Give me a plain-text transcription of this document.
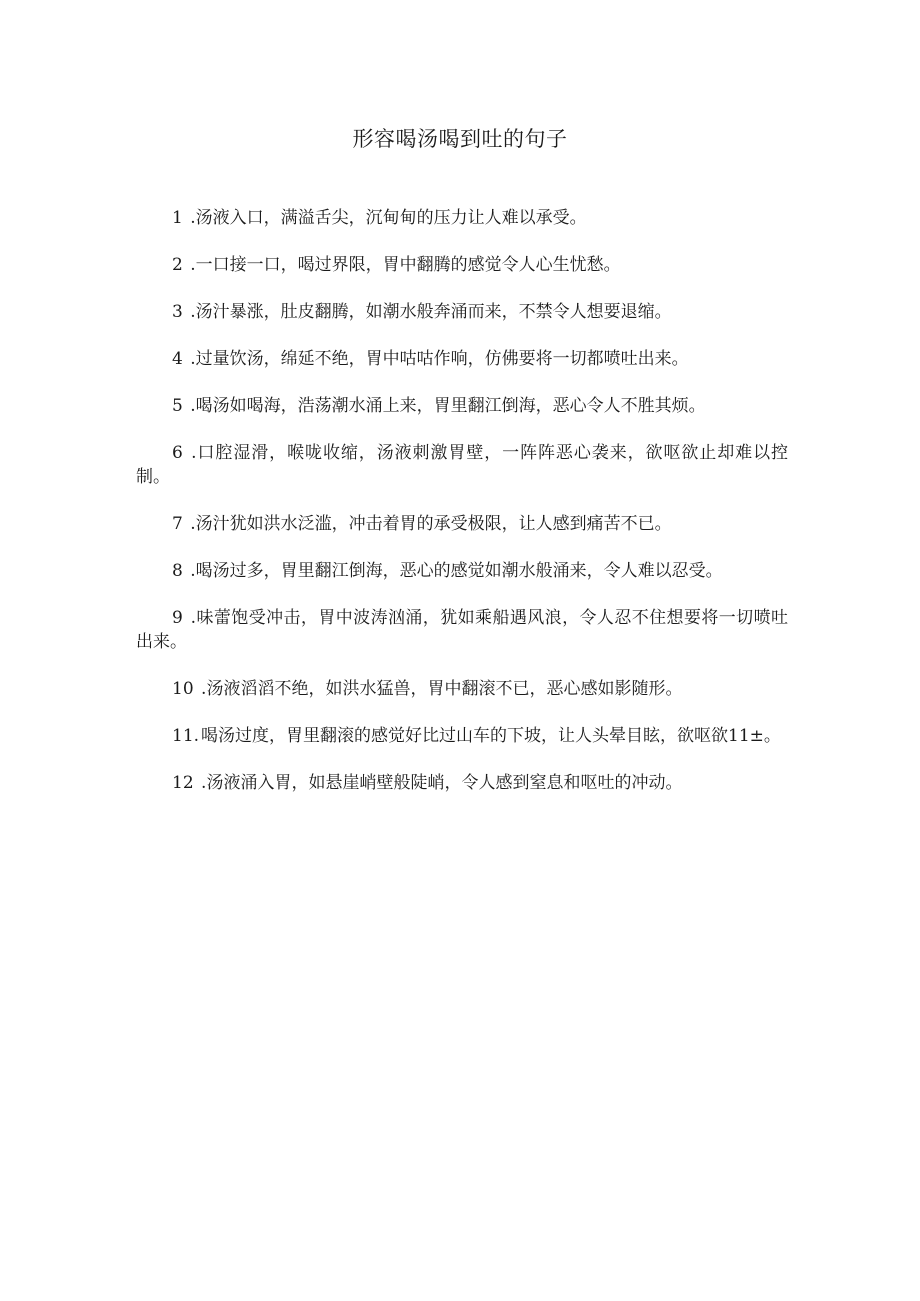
形容喝汤喝到吐的句子

1 .汤液入口，满溢舌尖，沉甸甸的压力让人难以承受。

2 .一口接一口，喝过界限，胃中翻腾的感觉令人心生忧愁。

3 .汤汁暴涨，肚皮翻腾，如潮水般奔涌而来，不禁令人想要退缩。

4 .过量饮汤，绵延不绝，胃中咕咕作响，仿佛要将一切都喷吐出来。

5 .喝汤如喝海，浩荡潮水涌上来，胃里翻江倒海，恶心令人不胜其烦。

6 .口腔湿滑，喉咙收缩，汤液刺激胃壁，一阵阵恶心袭来，欲呕欲止却难以控制。

7 .汤汁犹如洪水泛滥，冲击着胃的承受极限，让人感到痛苦不已。

8 .喝汤过多，胃里翻江倒海，恶心的感觉如潮水般涌来，令人难以忍受。

9 .味蕾饱受冲击，胃中波涛汹涌，犹如乘船遇风浪，令人忍不住想要将一切喷吐出来。

10 .汤液滔滔不绝，如洪水猛兽，胃中翻滚不已，恶心感如影随形。

11. 喝汤过度，胃里翻滚的感觉好比过山车的下坡，让人头晕目眩，欲呕欲11±。

12 .汤液涌入胃，如悬崖峭壁般陡峭，令人感到窒息和呕吐的冲动。
